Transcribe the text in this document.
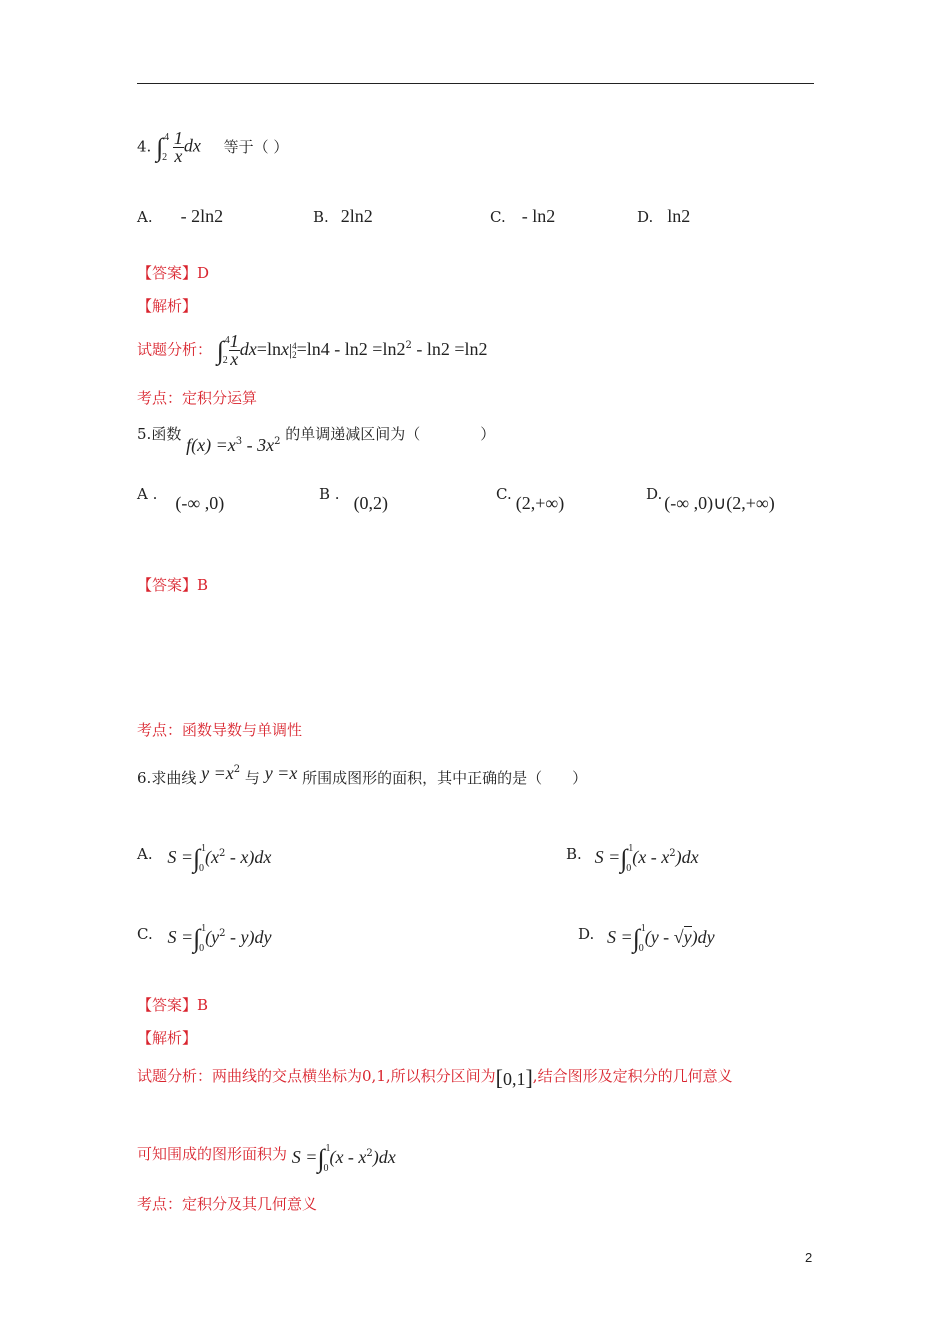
4. ∫ 4
2
$\frac{1}{x}$ dx 等于（ ）
A. - 2ln2	B. 2ln2	C. - ln2	D. ln2
【答案】D
【解析】
试题分析： ∫ 4
$2 \frac{1}{x} dx=\ln x|$ 4
$2 =\ln 4 - \ln 2 =\ln 2^2 - \ln 2 =\ln 2$
考点：定积分运算
5.函数 $f(x) =x^3 - 3x^2$ 的单调递减区间为（　　　　）
A . (-∞ ,0)	B . (0,2)	C. (2,+∞)	D. (-∞ ,0)∪(2,+∞)
【答案】B
考点：函数导数与单调性
6.求曲线 $y =x^2$ 与 y =x 所围成图形的面积，其中正确的是（　　）
A. S =∫ 1
0
$(x^2 - x)dx$	B. S =∫ 1
0
$(x - x^2)dx$
C. S =∫ 1
0
$(y^2 - y)dy$	D. S =∫ 1
0
(y - √y)dy
【答案】B
【解析】
试题分析：两曲线的交点横坐标为0,1,所以积分区间为[0,1],结合图形及定积分的几何意义
可知围成的图形面积为 S =∫ 1
0
$(x - x^2)dx$
考点：定积分及其几何意义
2
